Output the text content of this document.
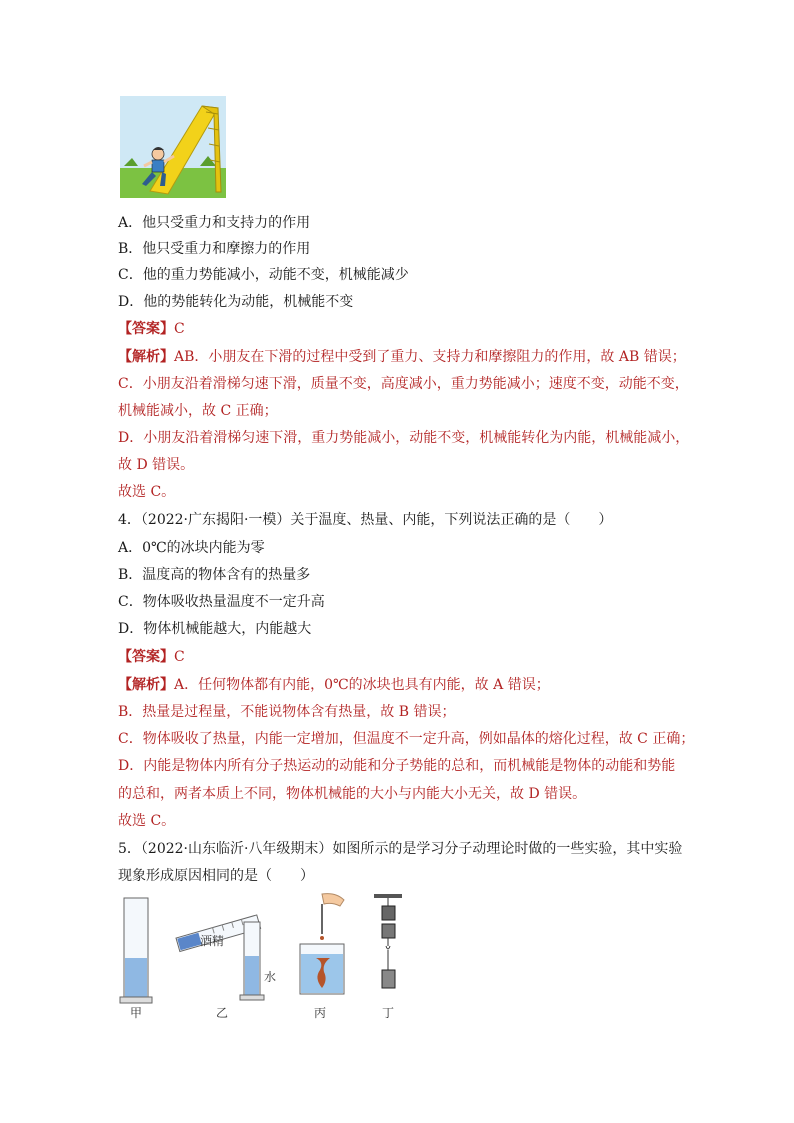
A．他只受重力和支持力的作用
B．他只受重力和摩擦力的作用
C．他的重力势能减小，动能不变，机械能减少
D．他的势能转化为动能，机械能不变
【答案】C
【解析】AB．小朋友在下滑的过程中受到了重力、支持力和摩擦阻力的作用，故 AB 错误；
C．小朋友沿着滑梯匀速下滑，质量不变，高度减小，重力势能减小；速度不变，动能不变，
机械能减小，故 C 正确；
D．小朋友沿着滑梯匀速下滑，重力势能减小，动能不变，机械能转化为内能，机械能减小，
故 D 错误。
故选 C。
4．（2022·广东揭阳·一模）关于温度、热量、内能，下列说法正确的是（　　）
A．0℃的冰块内能为零
B．温度高的物体含有的热量多
C．物体吸收热量温度不一定升高
D．物体机械能越大，内能越大
【答案】C
【解析】A．任何物体都有内能，0℃的冰块也具有内能，故 A 错误；
B．热量是过程量，不能说物体含有热量，故 B 错误；
C．物体吸收了热量，内能一定增加，但温度不一定升高，例如晶体的熔化过程，故 C 正确；
D．内能是物体内所有分子热运动的动能和分子势能的总和，而机械能是物体的动能和势能
的总和，两者本质上不同，物体机械能的大小与内能大小无关，故 D 错误。
故选 C。
5．（2022·山东临沂·八年级期末）如图所示的是学习分子动理论时做的一些实验，其中实验
现象形成原因相同的是（　　）
甲
酒精
水
乙	丙	丁
